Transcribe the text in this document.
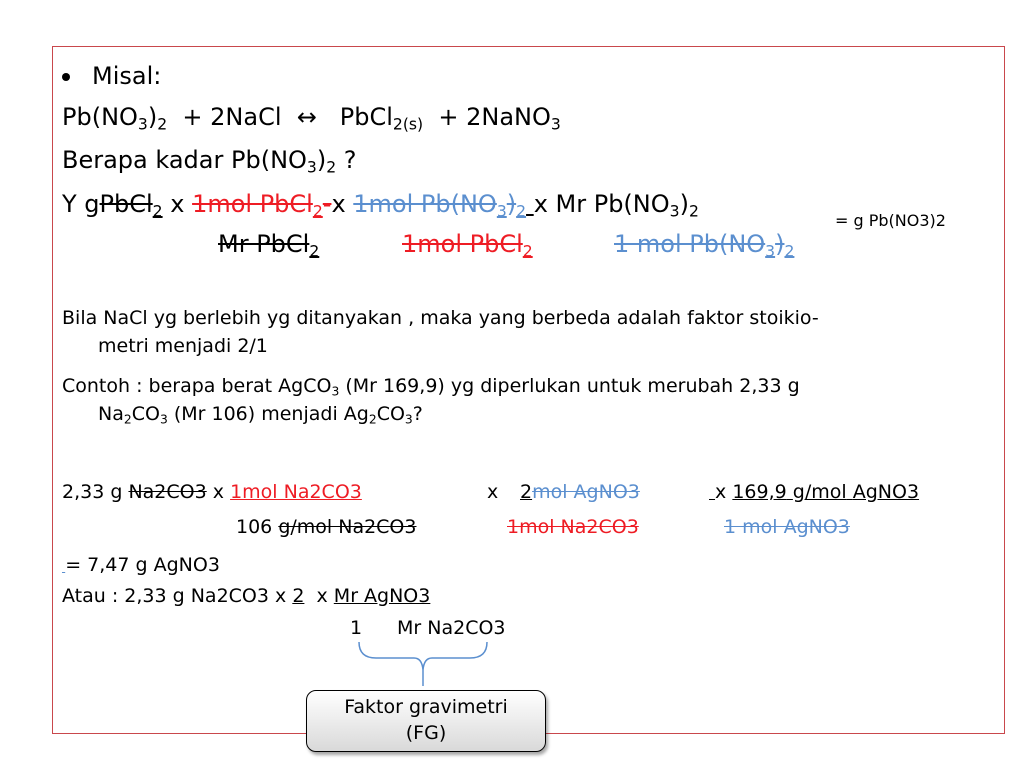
Misal:
$Pb(NO_3)_2$ + 2NaCl ↔ PbCl$_{2(s)}$ + 2NaNO$_3$
Berapa kadar $Pb(NO_3)_2$ ?
Y gPbCl$_2$ x 1mol PbCl$_2$-x 1mol $Pb(NO_3)_2$ x Mr $Pb(NO_3)_2$	= g Pb(NO3)2
Mr PbCl$_2$	1mol PbCl$_2$	1 mol $Pb(NO_3)_2$
Bila NaCl yg berlebih yg ditanyakan , maka yang berbeda adalah faktor stoikio-
metri menjadi 2/1
Contoh : berapa berat AgCO$_3$ (Mr 169,9) yg diperlukan untuk merubah 2,33 g
$Na_2CO_3$ (Mr 106) menjadi $Ag_2CO_3$?
2,33 g Na2CO3 x 1mol Na2CO3	x 2mol AgNO3	x 169,9 g/mol AgNO3
106 g/mol Na2CO3	1mol Na2CO3	1 mol AgNO3
= 7,47 g AgNO3
Atau : 2,33 g Na2CO3 x 2 x Mr AgNO3
1 Mr Na2CO3
Faktor gravimetri
(FG)
